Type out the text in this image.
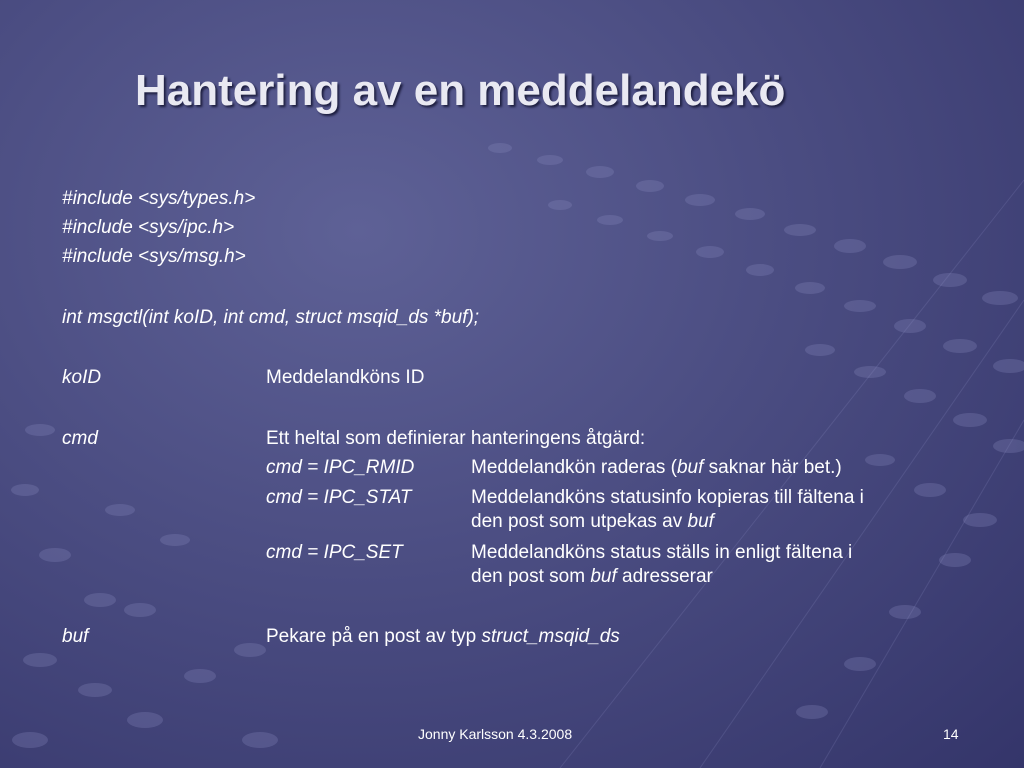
Hantering av en meddelandekö
#include <sys/types.h>
#include <sys/ipc.h>
#include <sys/msg.h>
int msgctl(int koID, int cmd, struct msqid_ds *buf);
koID	Meddelandköns ID
cmd	Ett heltal som definierar hanteringens åtgärd:
cmd = IPC_RMID	Meddelandkön raderas (buf saknar här bet.)
cmd = IPC_STAT	Meddelandköns statusinfo kopieras till fältena i
den post som utpekas av buf
cmd = IPC_SET	Meddelandköns status ställs in enligt fältena i
den post som buf adresserar
buf	Pekare på en post av typ struct_msqid_ds
Jonny Karlsson 4.3.2008	14
